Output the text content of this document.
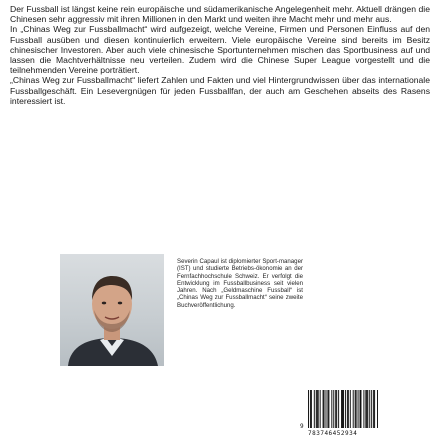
Der Fussball ist längst keine rein europäische und südamerikanische Angelegenheit mehr. Aktuell drängen die Chinesen sehr aggressiv mit ihren Millionen in den Markt und weiten ihre Macht mehr und mehr aus.

In „Chinas Weg zur Fussballmacht“ wird aufgezeigt, welche Vereine, Firmen und Personen Einfluss auf den Fussball ausüben und diesen kontinuierlich erweitern. Viele europäische Vereine sind bereits im Besitz chinesischer Investoren. Aber auch viele chinesische Sportunternehmen mischen das Sportbusiness auf und lassen die Machtverhältnisse neu verteilen. Zudem wird die Chinese Super League vorgestellt und die teilnehmenden Vereine porträtiert.

„Chinas Weg zur Fussballmacht“ liefert Zahlen und Fakten und viel Hintergrundwissen über das internationale Fussballgeschäft. Ein Lesevergnügen für jeden Fussballfan, der auch am Geschehen abseits des Rasens interessiert ist.

Severin Capaul ist diplomierter Sport-manager (IST) und studierte Betriebs-ökonomie an der Fernfachhochschule Schweiz. Er verfolgt die Entwicklung im Fussballbusiness seit vielen Jahren. Nach „Geldmaschine Fussball“ ist „Chinas Weg zur Fussballmacht“ seine zweite Buchveröffentlichung.
9
783746452934
